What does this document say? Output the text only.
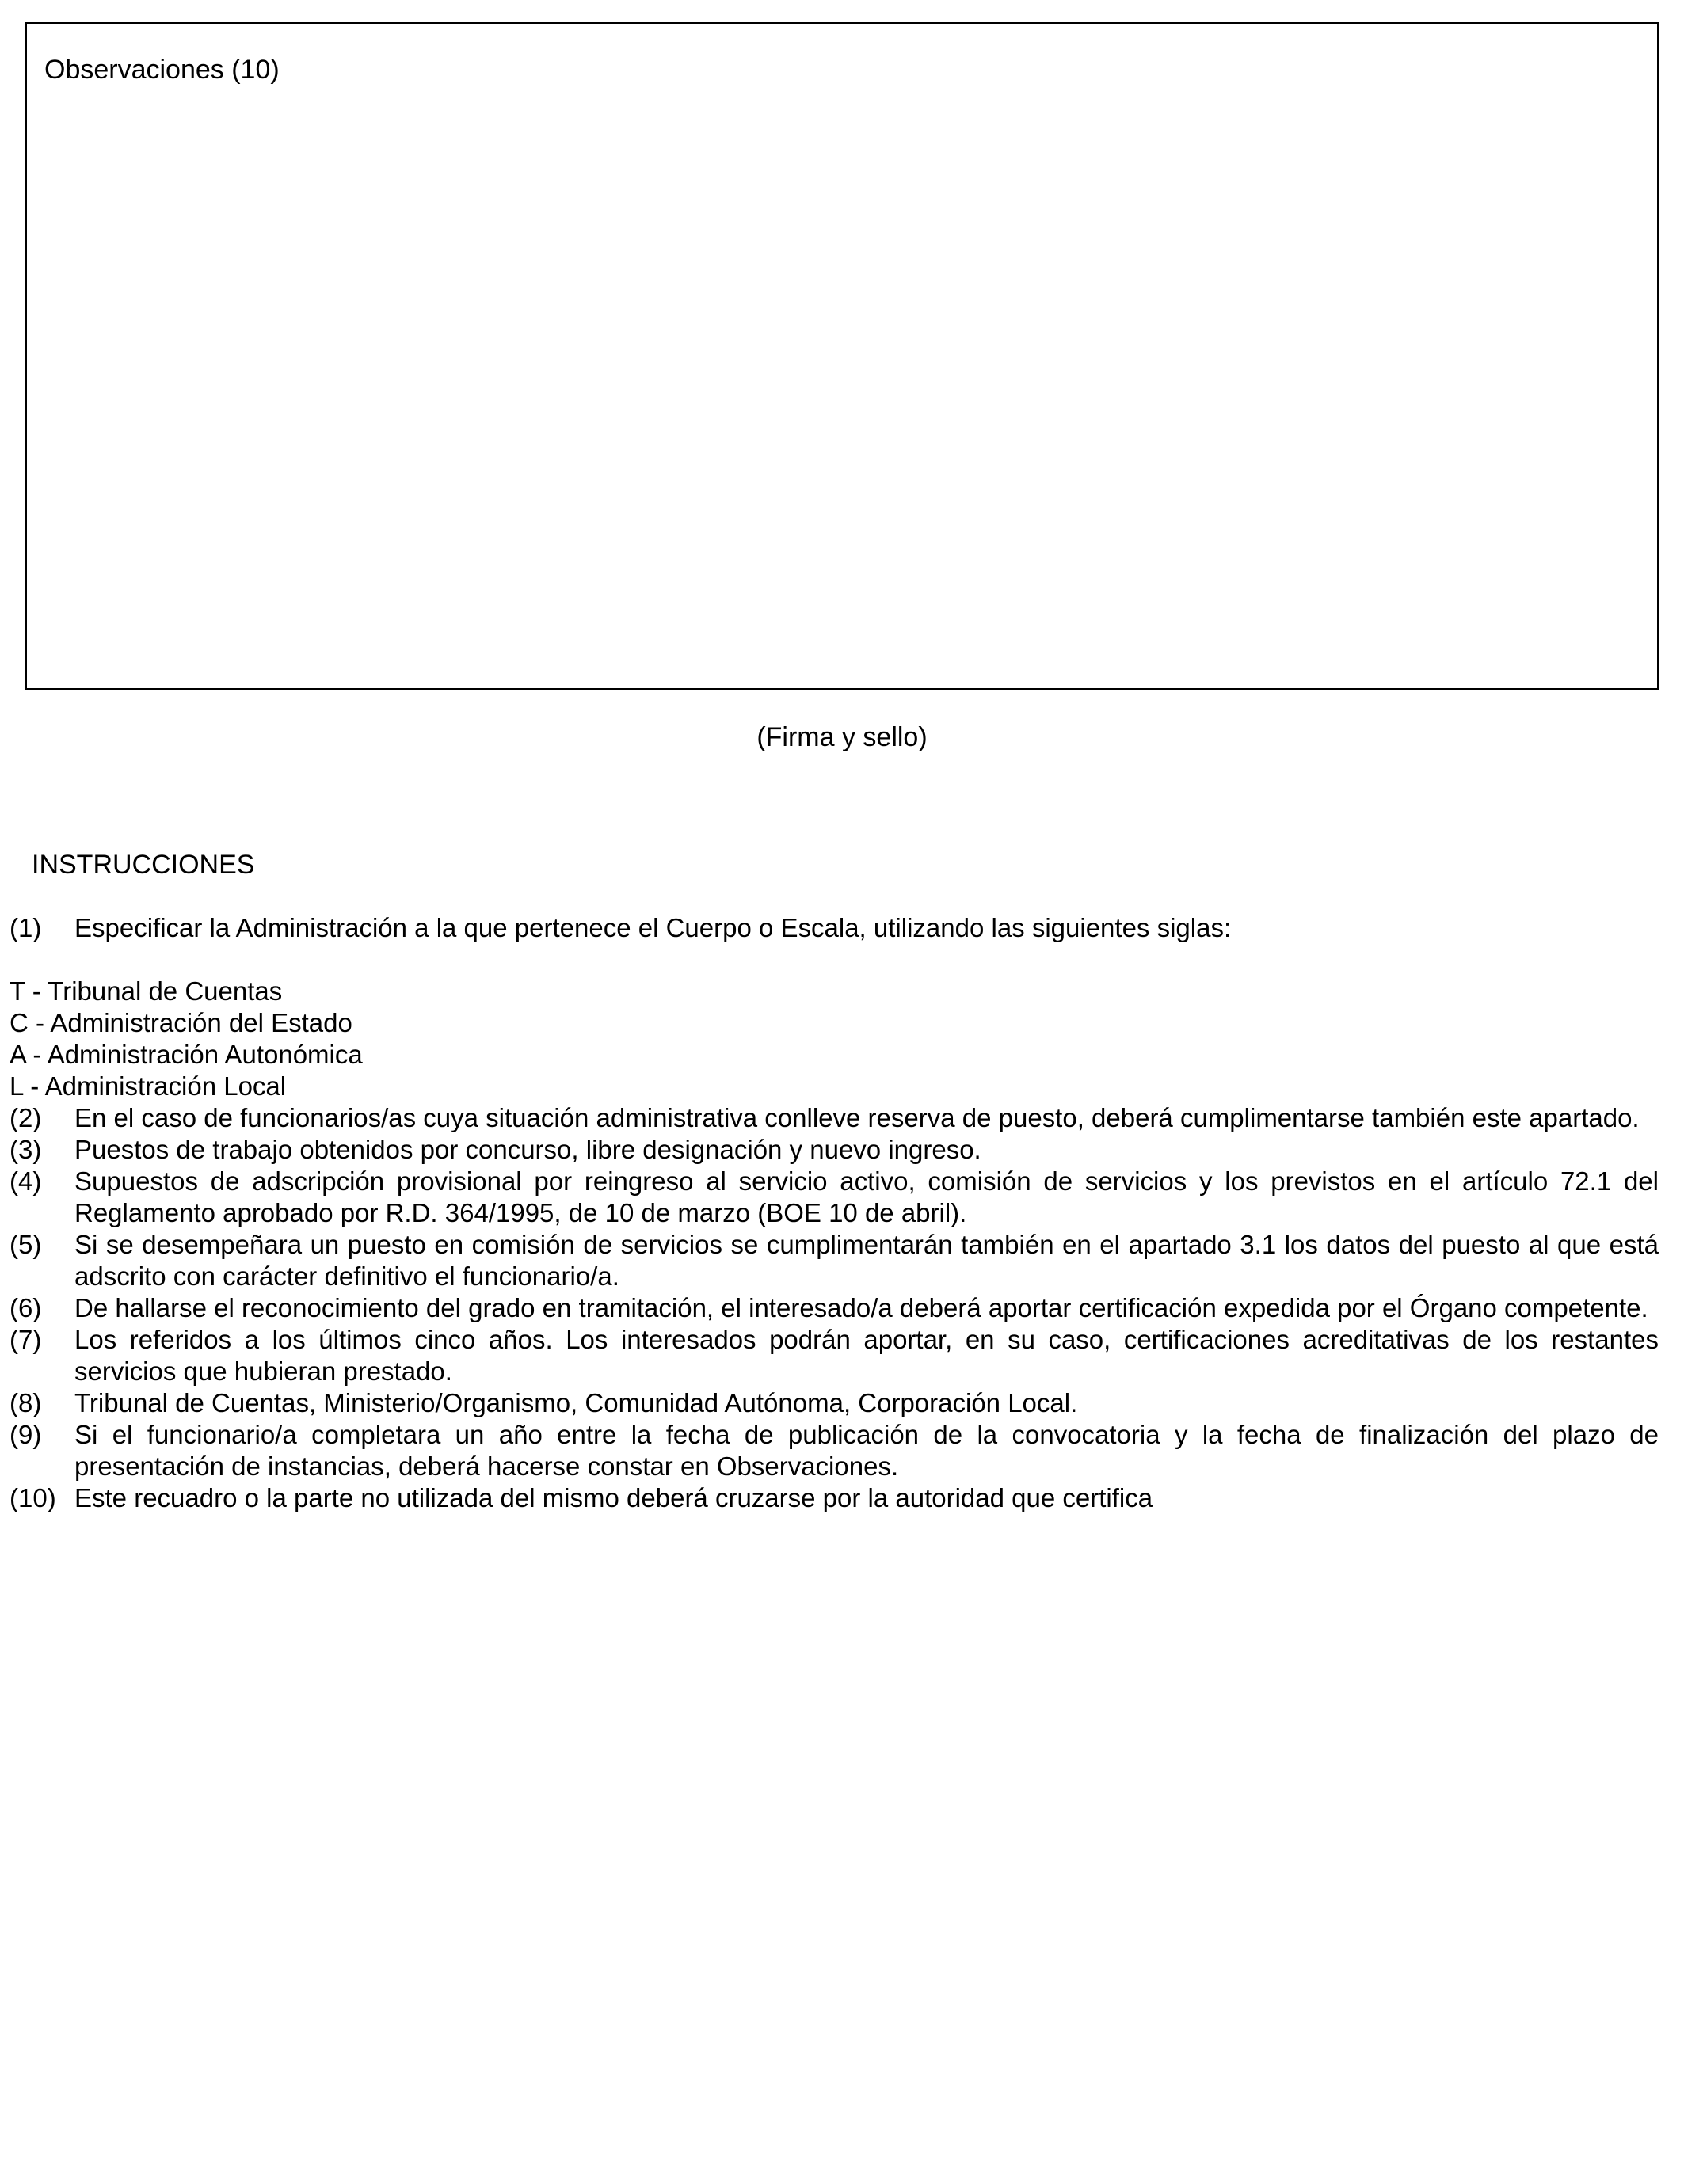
Observaciones (10)
(Firma y sello)
INSTRUCCIONES
(1) Especificar la Administración a la que pertenece el Cuerpo o Escala, utilizando las siguientes siglas:
T - Tribunal de Cuentas
C - Administración del Estado
A - Administración Autonómica
L - Administración Local
(2) En el caso de funcionarios/as cuya situación administrativa conlleve reserva de puesto, deberá cumplimentarse también este apartado.
(3) Puestos de trabajo obtenidos por concurso, libre designación y nuevo ingreso.
(4) Supuestos de adscripción provisional por reingreso al servicio activo, comisión de servicios y los previstos en el artículo 72.1 del Reglamento aprobado por R.D. 364/1995, de 10 de marzo (BOE 10 de abril).
(5) Si se desempeñara un puesto en comisión de servicios se cumplimentarán también en el apartado 3.1 los datos del puesto al que está adscrito con carácter definitivo el funcionario/a.
(6) De hallarse el reconocimiento del grado en tramitación, el interesado/a deberá aportar certificación expedida por el Órgano competente.
(7) Los referidos a los últimos cinco años. Los interesados podrán aportar, en su caso, certificaciones acreditativas de los restantes servicios que hubieran prestado.
(8) Tribunal de Cuentas, Ministerio/Organismo, Comunidad Autónoma, Corporación Local.
(9) Si el funcionario/a completara un año entre la fecha de publicación de la convocatoria y la fecha de finalización del plazo de presentación de instancias, deberá hacerse constar en Observaciones.
(10) Este recuadro o la parte no utilizada del mismo deberá cruzarse por la autoridad que certifica
